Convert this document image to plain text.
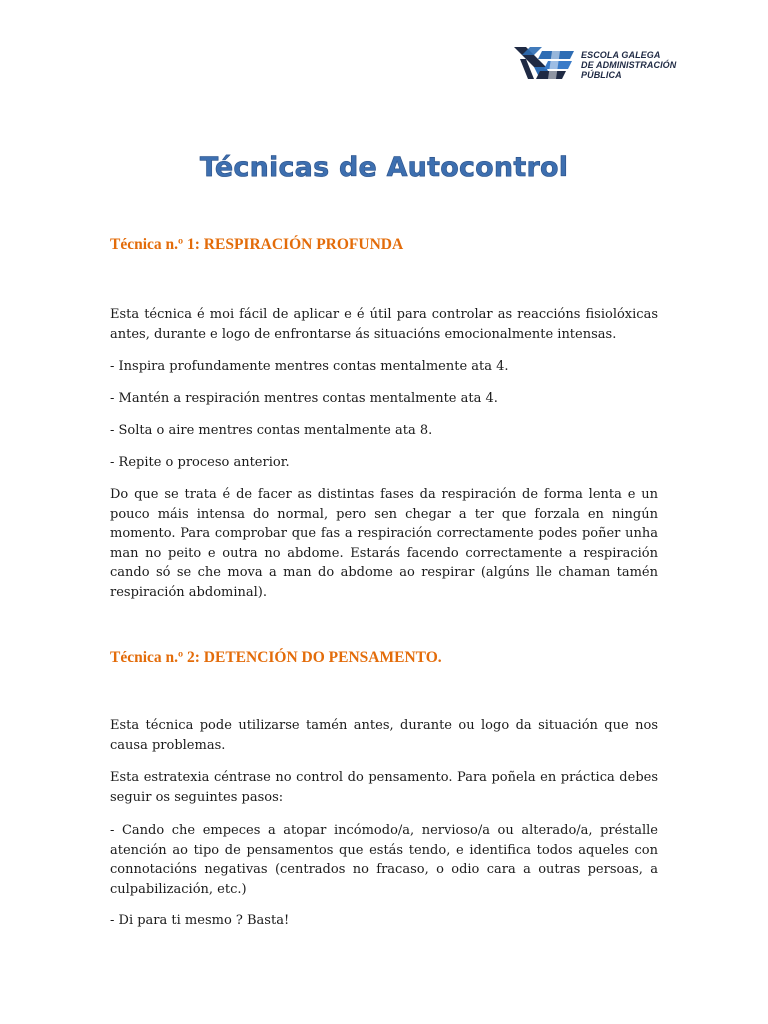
ESCOLA GALEGA
DE ADMINISTRACIÓN
PÚBLICA
Técnicas de Autocontrol
Técnica n.º 1: RESPIRACIÓN PROFUNDA

Esta técnica é moi fácil de aplicar e é útil para controlar as reaccións fisiolóxicas antes, durante e logo de enfrontarse ás situacións emocionalmente intensas.

- Inspira profundamente mentres contas mentalmente ata 4.

- Mantén a respiración mentres contas mentalmente ata 4.

- Solta o aire mentres contas mentalmente ata 8.

- Repite o proceso anterior.

Do que se trata é de facer as distintas fases da respiración de forma lenta e un pouco máis intensa do normal, pero sen chegar a ter que forzala en ningún momento. Para comprobar que fas a respiración correctamente podes poñer unha man no peito e outra no abdome. Estarás facendo correctamente a respiración cando só se che mova a man do abdome ao respirar (algúns lle chaman tamén respiración abdominal).

Técnica n.º 2: DETENCIÓN DO PENSAMENTO.

Esta técnica pode utilizarse tamén antes, durante ou logo da situación que nos causa problemas.

Esta estratexia céntrase no control do pensamento. Para poñela en práctica debes seguir os seguintes pasos:

- Cando che empeces a atopar incómodo/a, nervioso/a ou alterado/a, préstalle atención ao tipo de pensamentos que estás tendo, e identifica todos aqueles con connotacións negativas (centrados no fracaso, o odio cara a outras persoas, a culpabilización, etc.)

- Di para ti mesmo ? Basta!
